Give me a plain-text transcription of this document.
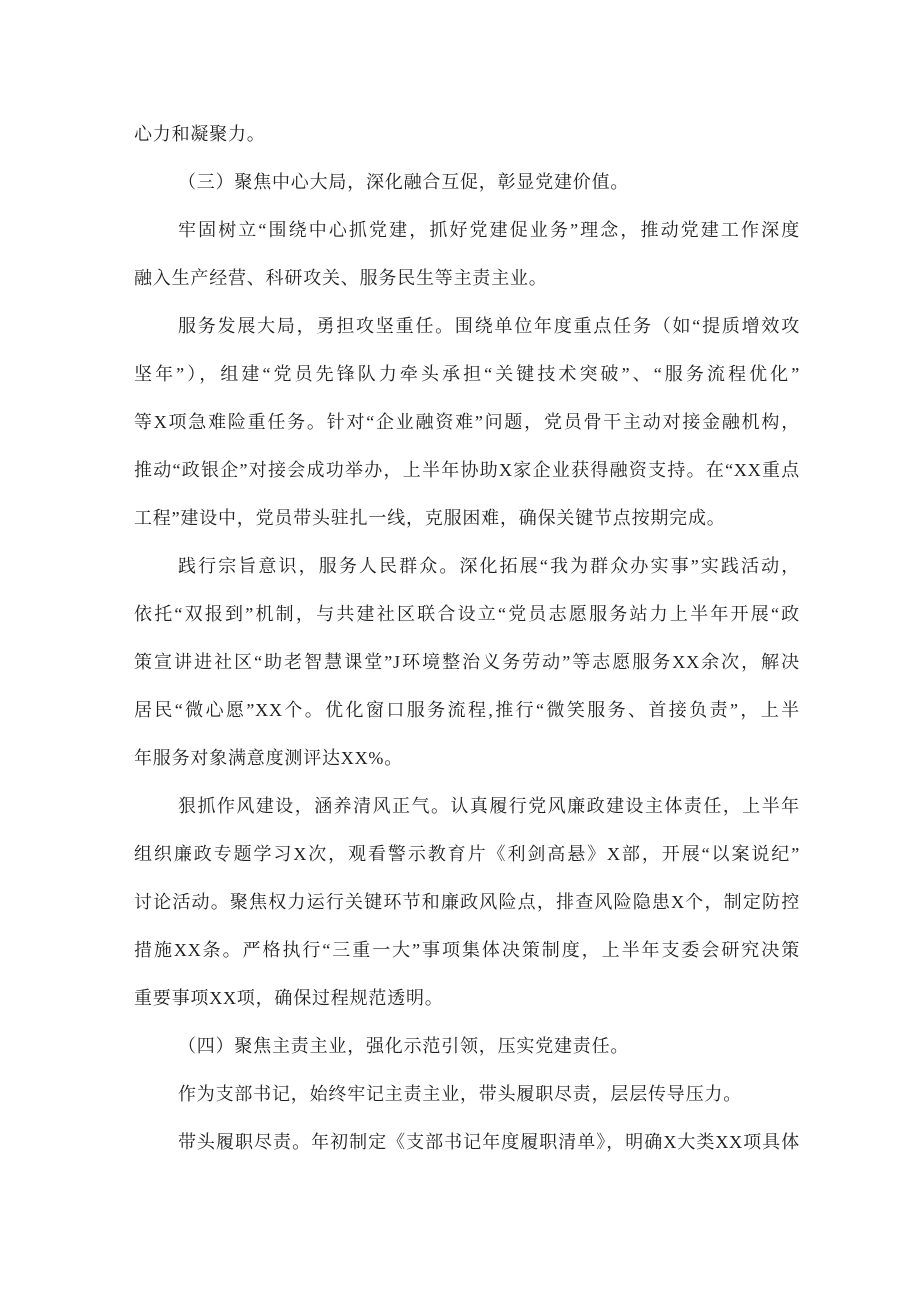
心力和凝聚力。
（三）聚焦中心大局，深化融合互促，彰显党建价值。
牢固树立“围绕中心抓党建，抓好党建促业务”理念，推动党建工作深度
融入生产经营、科研攻关、服务民生等主责主业。
服务发展大局，勇担攻坚重任。围绕单位年度重点任务（如“提质增效攻
坚年”），组建“党员先锋队力牵头承担“关键技术突破”、“服务流程优化”
等X项急难险重任务。针对“企业融资难”问题，党员骨干主动对接金融机构，
推动“政银企”对接会成功举办，上半年协助X家企业获得融资支持。在“XX重点
工程”建设中，党员带头驻扎一线，克服困难，确保关键节点按期完成。
践行宗旨意识，服务人民群众。深化拓展“我为群众办实事”实践活动，
依托“双报到”机制，与共建社区联合设立“党员志愿服务站力上半年开展“政
策宣讲进社区“助老智慧课堂”J环境整治义务劳动”等志愿服务XX余次，解决
居民“微心愿”XX个。优化窗口服务流程,推行“微笑服务、首接负责”，上半
年服务对象满意度测评达XX%。
狠抓作风建设，涵养清风正气。认真履行党风廉政建设主体责任，上半年
组织廉政专题学习X次，观看警示教育片《利剑高悬》X部，开展“以案说纪”
讨论活动。聚焦权力运行关键环节和廉政风险点，排查风险隐患X个，制定防控
措施XX条。严格执行“三重一大”事项集体决策制度，上半年支委会研究决策
重要事项XX项，确保过程规范透明。
（四）聚焦主责主业，强化示范引领，压实党建责任。
作为支部书记，始终牢记主责主业，带头履职尽责，层层传导压力。
带头履职尽责。年初制定《支部书记年度履职清单》，明确X大类XX项具体
